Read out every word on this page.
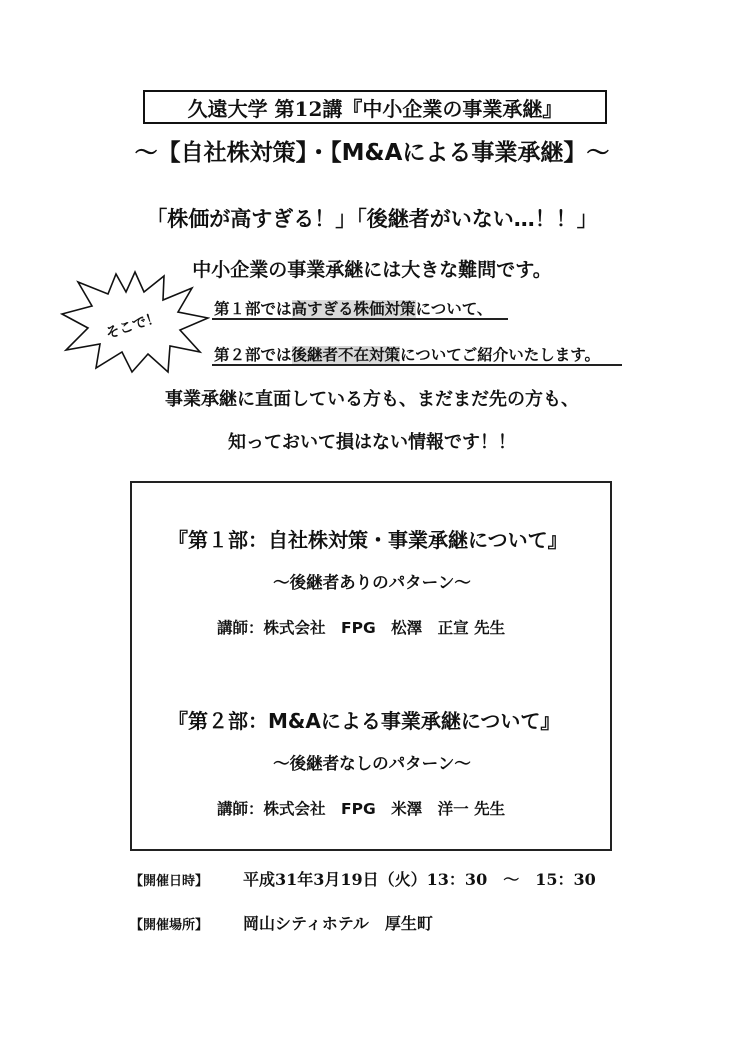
久遠大学 第12講『中小企業の事業承継』
〜【自社株対策】・【M&Aによる事業承継】〜
「株価が高すぎる！」「後継者がいない…！！」
中小企業の事業承継には大きな難問です。
そこで！
第１部では高すぎる株価対策について、
第２部では後継者不在対策についてご紹介いたします。
事業承継に直面している方も、まだまだ先の方も、
知っておいて損はない情報です！！
『第１部：自社株対策・事業承継について』
〜後継者ありのパターン〜
講師：株式会社　FPG　松澤　正宣 先生
『第２部：M&Aによる事業承継について』
〜後継者なしのパターン〜
講師：株式会社　FPG　米澤　洋一 先生
【開催日時】 平成31年3月19日（火）13：30　〜　15：30
【開催場所】 岡山シティホテル　厚生町
